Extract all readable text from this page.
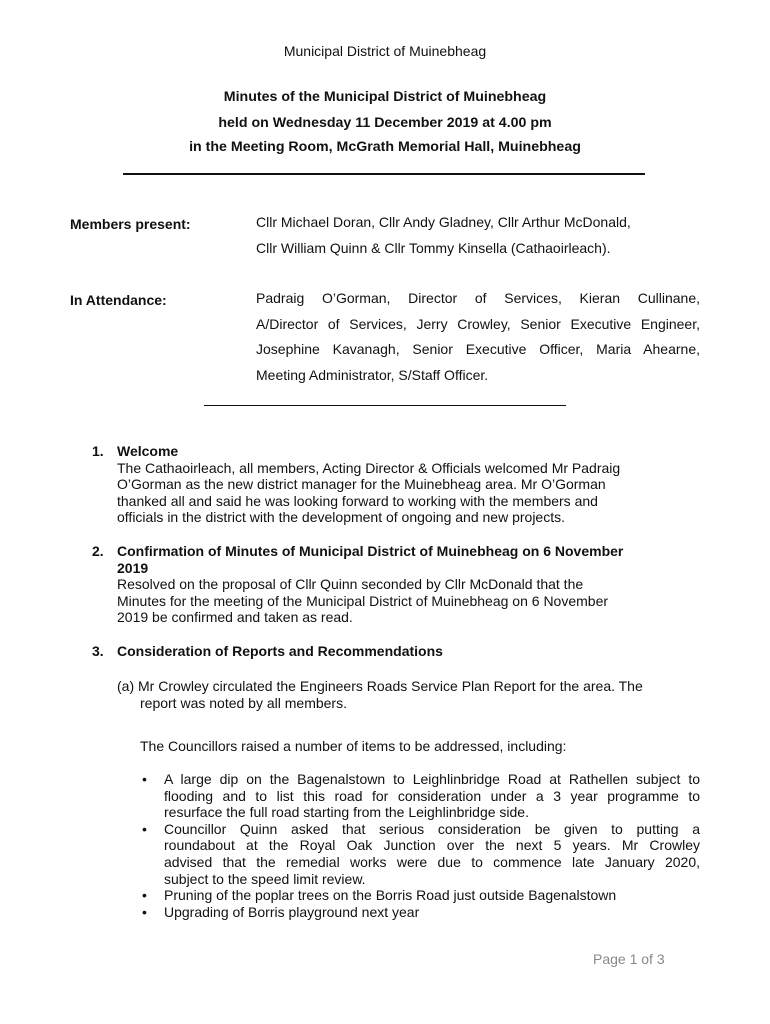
Municipal District of Muinebheag
Minutes of the Municipal District of Muinebheag
held on Wednesday 11 December 2019 at 4.00 pm
in the Meeting Room, McGrath Memorial Hall, Muinebheag
Members present:	Cllr Michael Doran, Cllr Andy Gladney, Cllr Arthur McDonald,
Cllr William Quinn & Cllr Tommy Kinsella (Cathaoirleach).
In Attendance:	Padraig O’Gorman, Director of Services, Kieran Cullinane,
A/Director of Services, Jerry Crowley, Senior Executive Engineer,
Josephine Kavanagh, Senior Executive Officer, Maria Ahearne,
Meeting Administrator, S/Staff Officer.
1. Welcome
The Cathaoirleach, all members, Acting Director & Officials welcomed Mr Padraig
O’Gorman as the new district manager for the Muinebheag area. Mr O’Gorman
thanked all and said he was looking forward to working with the members and
officials in the district with the development of ongoing and new projects.
2. Confirmation of Minutes of Municipal District of Muinebheag on 6 November
2019
Resolved on the proposal of Cllr Quinn seconded by Cllr McDonald that the
Minutes for the meeting of the Municipal District of Muinebheag on 6 November
2019 be confirmed and taken as read.
3. Consideration of Reports and Recommendations
(a) Mr Crowley circulated the Engineers Roads Service Plan Report for the area. The
report was noted by all members.
The Councillors raised a number of items to be addressed, including:
• A large dip on the Bagenalstown to Leighlinbridge Road at Rathellen subject to
flooding and to list this road for consideration under a 3 year programme to
resurface the full road starting from the Leighlinbridge side.
• Councillor Quinn asked that serious consideration be given to putting a
roundabout at the Royal Oak Junction over the next 5 years. Mr Crowley
advised that the remedial works were due to commence late January 2020,
subject to the speed limit review.
• Pruning of the poplar trees on the Borris Road just outside Bagenalstown
• Upgrading of Borris playground next year
Page 1 of 3
